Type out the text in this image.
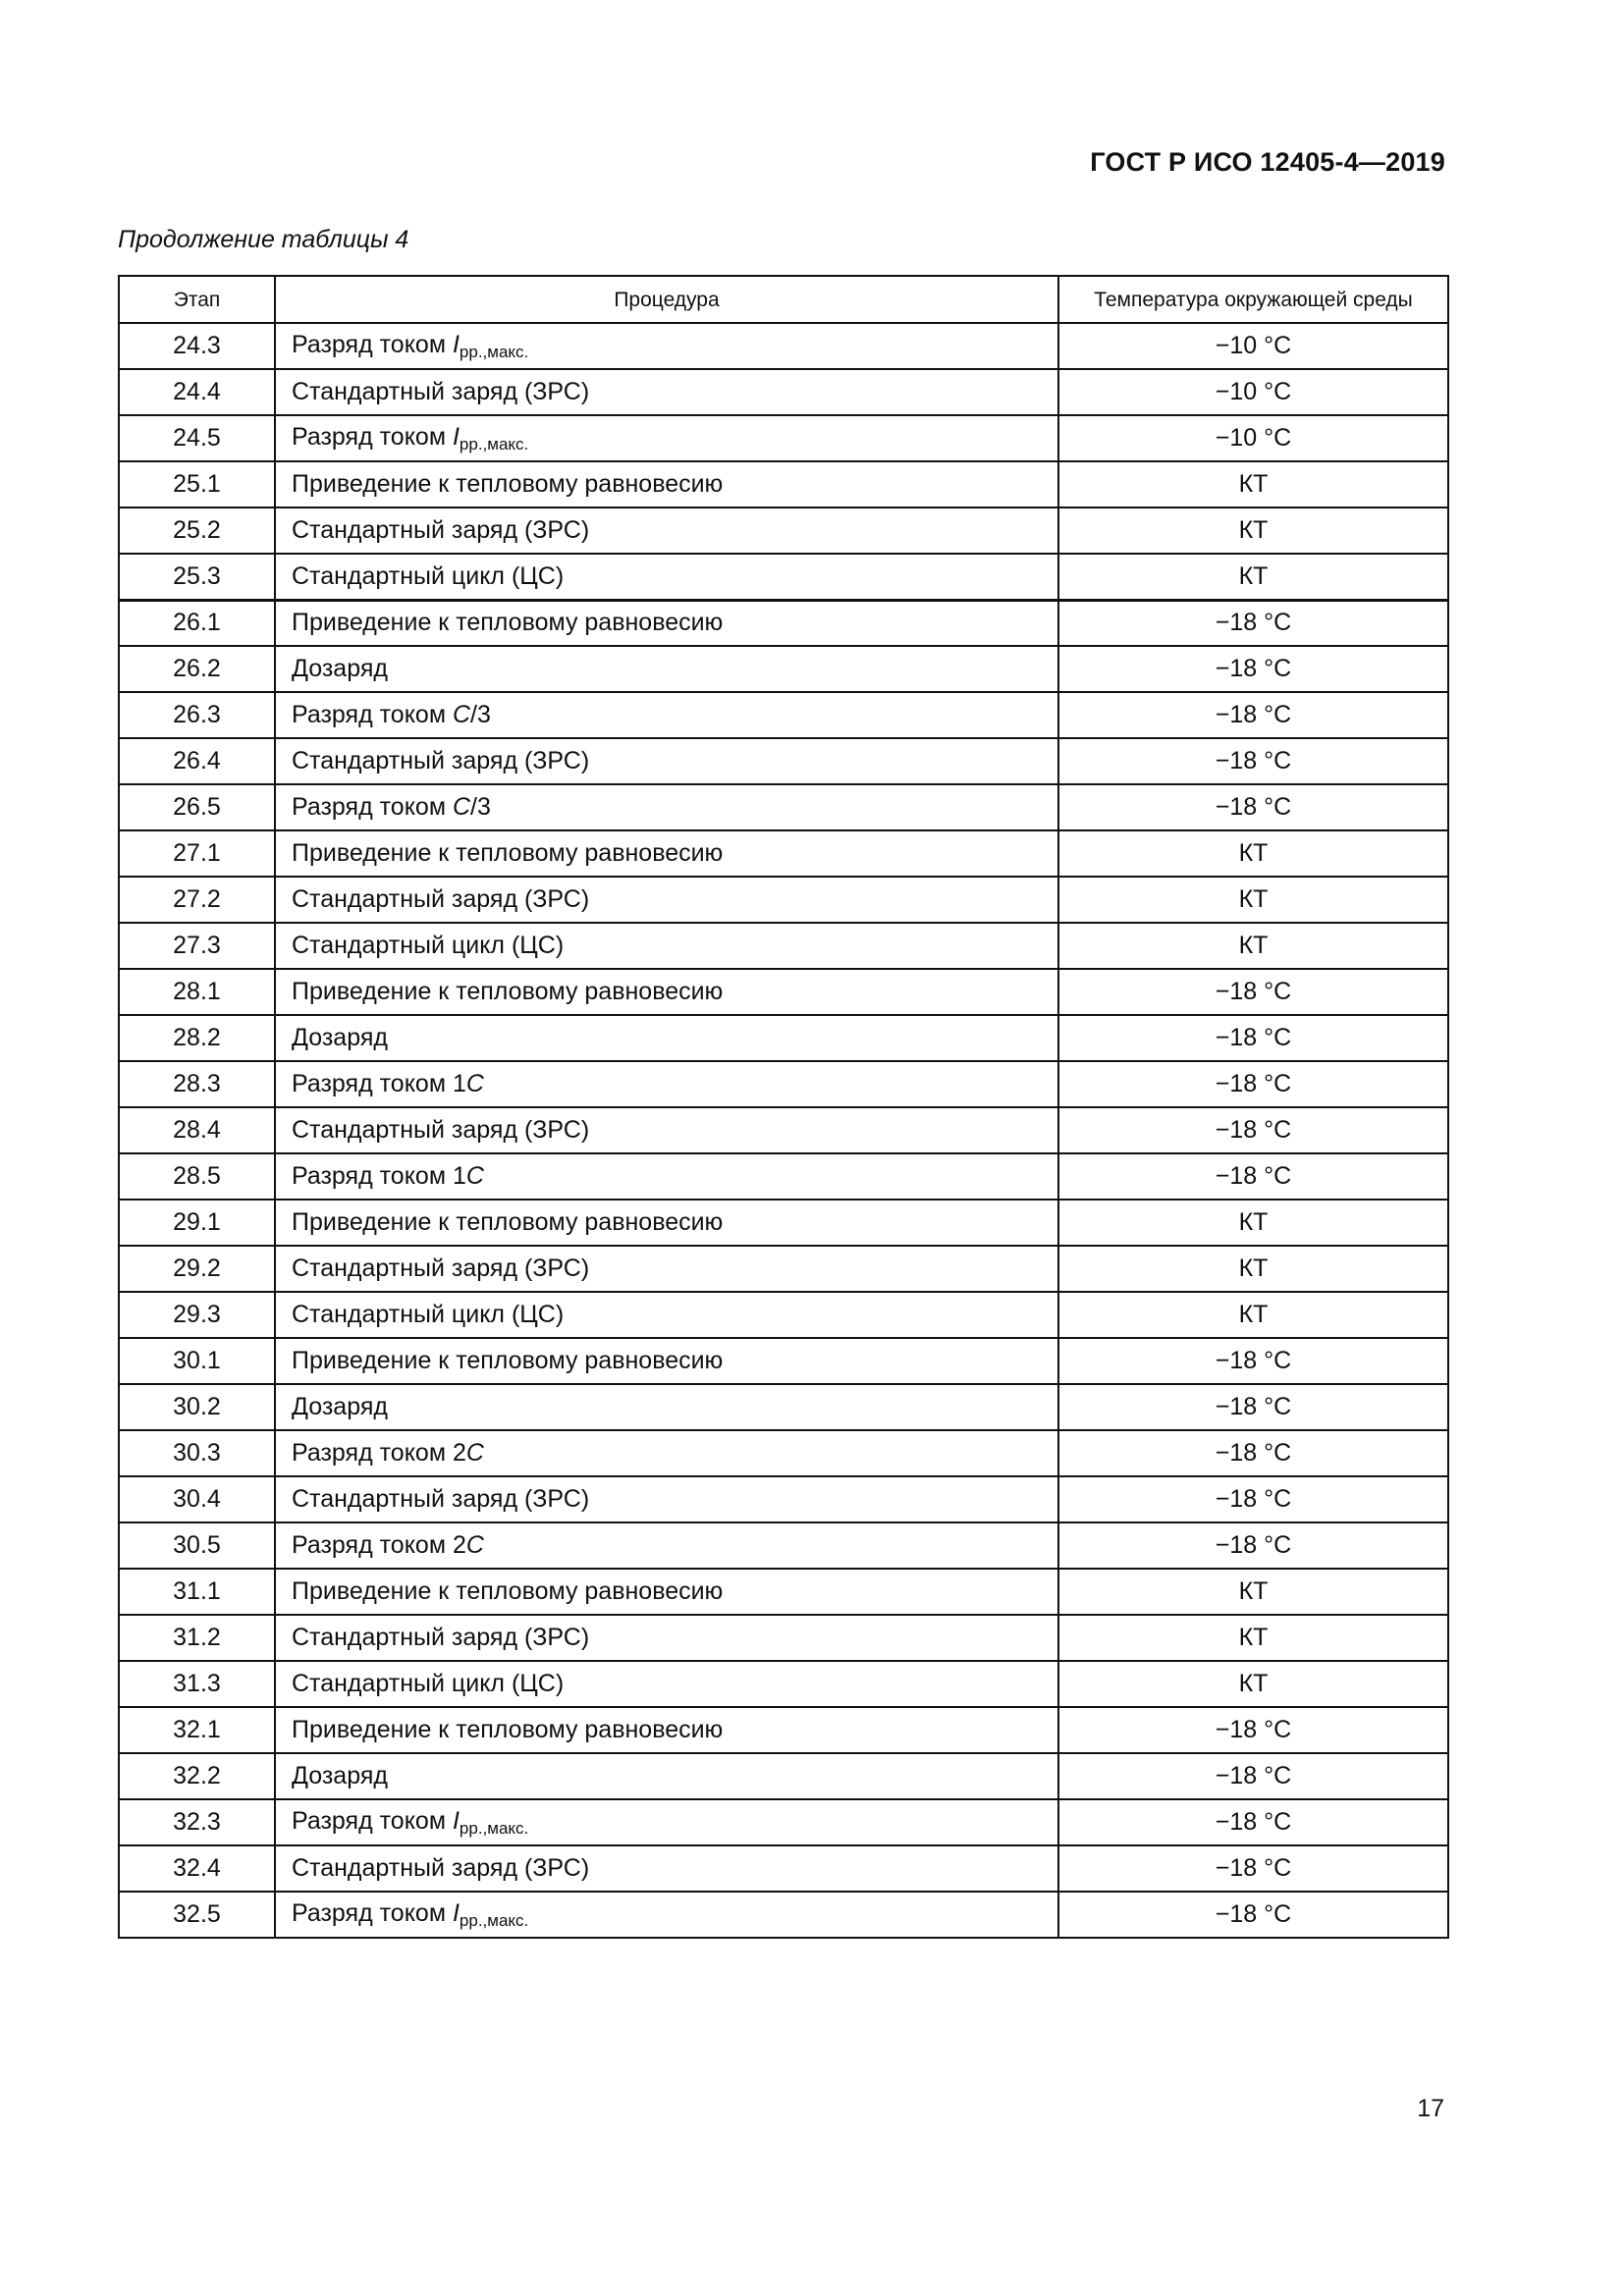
ГОСТ Р ИСО 12405-4—2019
Продолжение таблицы 4
Этап	Процедура	Температура окружающей среды
24.3	Разряд током $I_{рр.,макс.}$	−10 °С
24.4	Стандартный заряд (ЗРС)	−10 °С
24.5	Разряд током $I_{рр.,макс.}$	−10 °С
25.1	Приведение к тепловому равновесию	КТ
25.2	Стандартный заряд (ЗРС)	КТ
25.3	Стандартный цикл (ЦС)	КТ
26.1	Приведение к тепловому равновесию	−18 °С
26.2	Дозаряд	−18 °С
26.3	Разряд током C/3	−18 °С
26.4	Стандартный заряд (ЗРС)	−18 °С
26.5	Разряд током C/3	−18 °С
27.1	Приведение к тепловому равновесию	КТ
27.2	Стандартный заряд (ЗРС)	КТ
27.3	Стандартный цикл (ЦС)	КТ
28.1	Приведение к тепловому равновесию	−18 °С
28.2	Дозаряд	−18 °С
28.3	Разряд током 1C	−18 °С
28.4	Стандартный заряд (ЗРС)	−18 °С
28.5	Разряд током 1C	−18 °С
29.1	Приведение к тепловому равновесию	КТ
29.2	Стандартный заряд (ЗРС)	КТ
29.3	Стандартный цикл (ЦС)	КТ
30.1	Приведение к тепловому равновесию	−18 °С
30.2	Дозаряд	−18 °С
30.3	Разряд током 2C	−18 °С
30.4	Стандартный заряд (ЗРС)	−18 °С
30.5	Разряд током 2C	−18 °С
31.1	Приведение к тепловому равновесию	КТ
31.2	Стандартный заряд (ЗРС)	КТ
31.3	Стандартный цикл (ЦС)	КТ
32.1	Приведение к тепловому равновесию	−18 °С
32.2	Дозаряд	−18 °С
32.3	Разряд током $I_{рр.,макс.}$	−18 °С
32.4	Стандартный заряд (ЗРС)	−18 °С
32.5	Разряд током $I_{рр.,макс.}$	−18 °С
17
